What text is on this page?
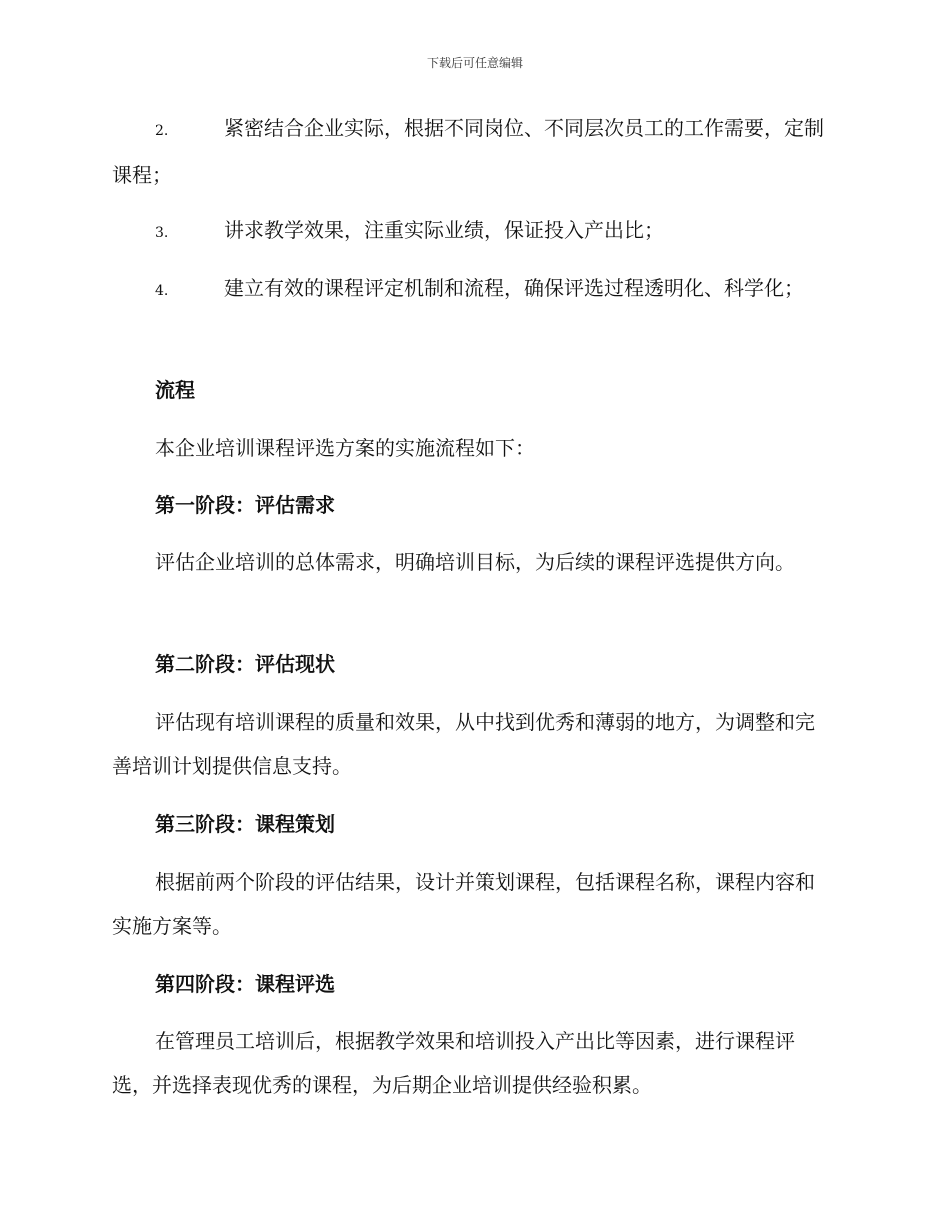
下载后可任意编辑

2.	紧密结合企业实际，根据不同岗位、不同层次员工的工作需要，定制课程；

3.	讲求教学效果，注重实际业绩，保证投入产出比；

4.	建立有效的课程评定机制和流程，确保评选过程透明化、科学化；

流程

本企业培训课程评选方案的实施流程如下：

第一阶段：评估需求

评估企业培训的总体需求，明确培训目标，为后续的课程评选提供方向。

第二阶段：评估现状

评估现有培训课程的质量和效果，从中找到优秀和薄弱的地方，为调整和完善培训计划提供信息支持。

第三阶段：课程策划

根据前两个阶段的评估结果，设计并策划课程，包括课程名称，课程内容和实施方案等。

第四阶段：课程评选

在管理员工培训后，根据教学效果和培训投入产出比等因素，进行课程评选，并选择表现优秀的课程，为后期企业培训提供经验积累。
